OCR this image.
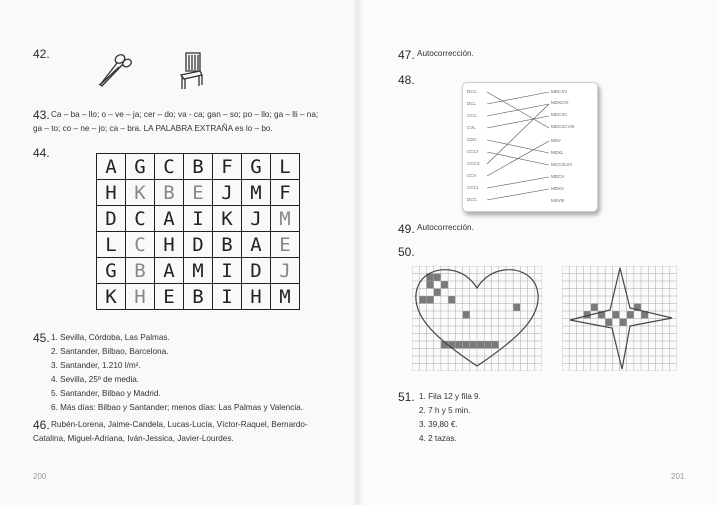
42.
43. Ca – ba – llo; o – ve – ja; cer – do; va - ca; gan – so; po – llo; ga – lli – na;
ga – to; co – ne – jo; ca – bra. LA PALABRA EXTRAÑA es lo – bo.
44.
A	G	C	B	F	G	L
H	K	B	E	J	M	F
D	C	A	I	K	J	M
L	C	H	D	B	A	E
G	B	A	M	I	D	J
K	H	E	B	I	H	M
45. 1. Sevilla, Córdoba, Las Palmas.
2. Santander, Bilbao, Barcelona.
3. Santander, 1.210 l/m².
4. Sevilla, 25º de media.
5. Santander, Bilbao y Madrid.
6. Más días: Bilbao y Santander; menos días: Las Palmas y Valencia.
46. Rubén-Lorena, Jaime-Candela, Lucas-Lucía, Víctor-Raquel, Bernardo-
Catalina, Miguel-Adriana, Iván-Jessica, Javier-Lourdes.
200
47. Autocorrección.
48.
DCC
DCL
CCC
CVL
CDC
CCCI
CCCX
CCV
CCCI
DCC
MDCXV
MDXCVI
MDCXC
MDCXCVIII
MXV
MDXL
MCCXLVII
MDCV
MDXV
MXVIII
49. Autocorrección.
50.
51. 1. Fila 12 y fila 9.
2. 7 h y 5 min.
3. 39,80 €.
4. 2 tazas.
201
